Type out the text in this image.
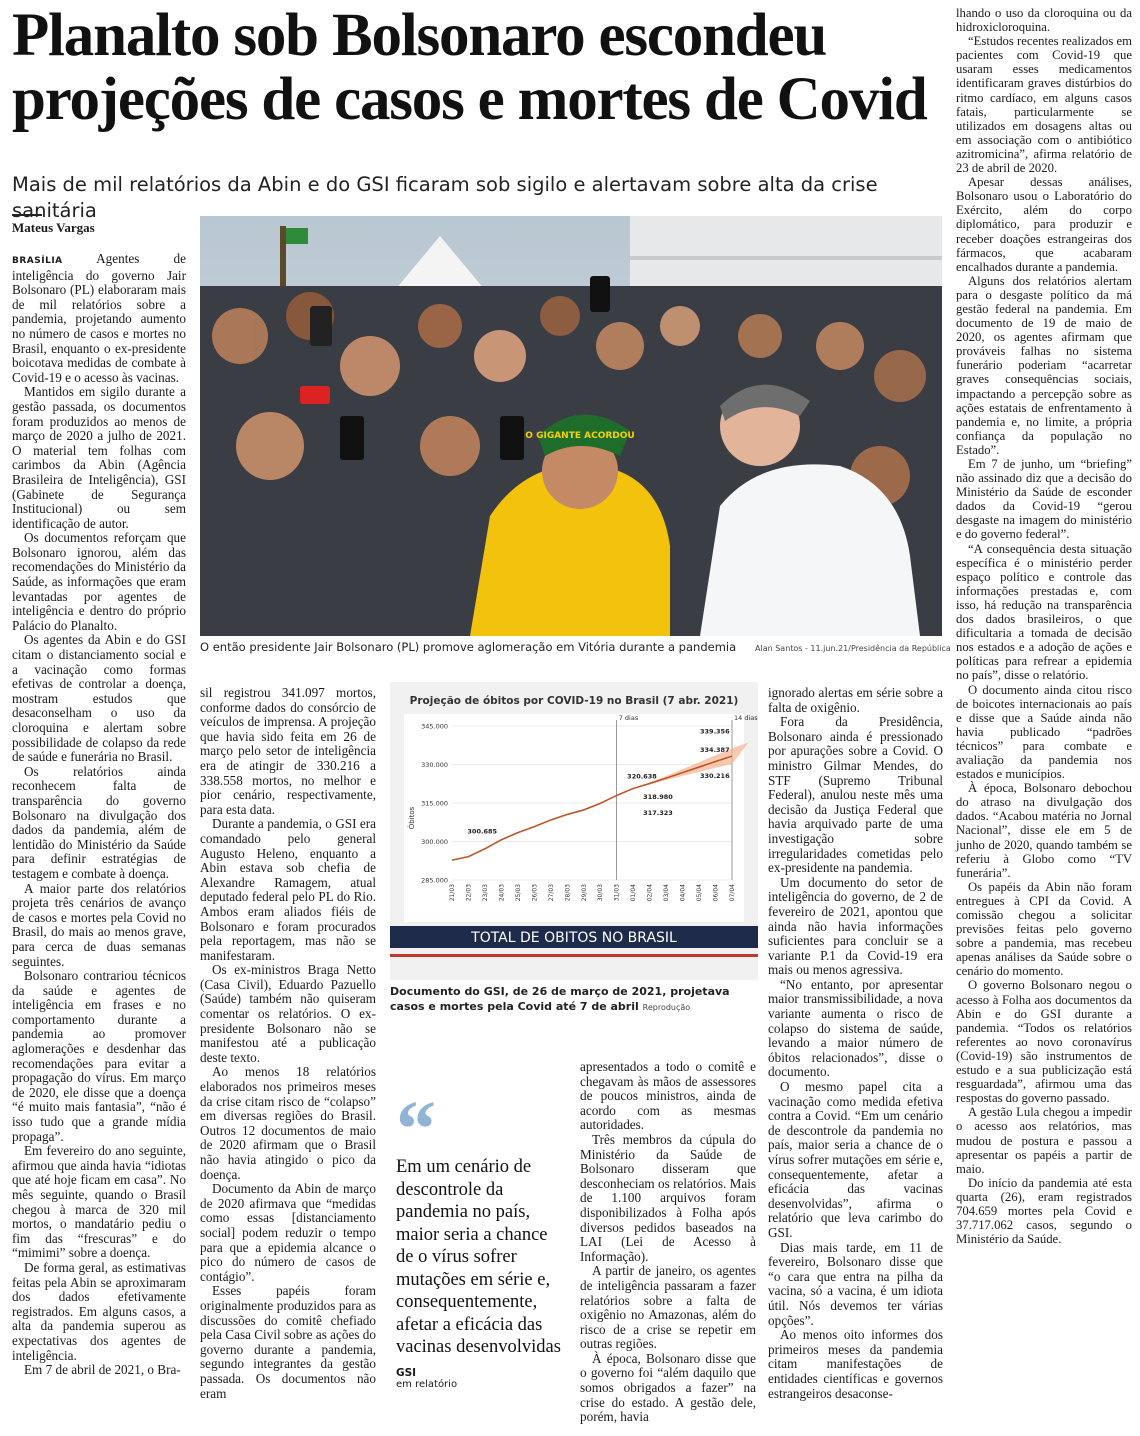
Planalto sob Bolsonaro escondeu projeções de casos e mortes de Covid
Mais de mil relatórios da Abin e do GSI ficaram sob sigilo e alertavam sobre alta da crise sanitária
Mateus Vargas

BRASÍLIA	Agentes de inteligência do governo Jair Bolsonaro (PL) elaboraram mais de mil relatórios sobre a pandemia, projetando aumento no número de casos e mortes no Brasil, enquanto o ex-presidente boicotava medidas de combate à Covid-19 e o acesso às vacinas.

Mantidos em sigilo durante a gestão passada, os documentos foram produzidos ao menos de março de 2020 a julho de 2021. O material tem folhas com carimbos da Abin (Agência Brasileira de Inteligência), GSI (Gabinete de Segurança Institucional) ou sem identificação de autor.

Os documentos reforçam que Bolsonaro ignorou, além das recomendações do Ministério da Saúde, as informações que eram levantadas por agentes de inteligência e dentro do próprio Palácio do Planalto.

Os agentes da Abin e do GSI citam o distanciamento social e a vacinação como formas efetivas de controlar a doença, mostram estudos que desaconselham o uso da cloroquina e alertam sobre possibilidade de colapso da rede de saúde e funerária no Brasil.

Os relatórios ainda reconhecem falta de transparência do governo Bolsonaro na divulgação dos dados da pandemia, além de lentidão do Ministério da Saúde para definir estratégias de testagem e combate à doença.

A maior parte dos relatórios projeta três cenários de avanço de casos e mortes pela Covid no Brasil, do mais ao menos grave, para cerca de duas semanas seguintes.

Bolsonaro contrariou técnicos da saúde e agentes de inteligência em frases e no comportamento durante a pandemia ao promover aglomerações e desdenhar das recomendações para evitar a propagação do vírus. Em março de 2020, ele disse que a doença “é muito mais fantasia”, “não é isso tudo que a grande mídia propaga”.

Em fevereiro do ano seguinte, afirmou que ainda havia “idiotas que até hoje ficam em casa”. No mês seguinte, quando o Brasil chegou à marca de 320 mil mortos, o mandatário pediu o fim das “frescuras” e do “mimimi” sobre a doença.

De forma geral, as estimativas feitas pela Abin se aproximaram dos dados efetivamente registrados. Em alguns casos, a alta da pandemia superou as expectativas dos agentes de inteligência.

Em 7 de abril de 2021, o Bra-

O GIGANTE ACORDOU
O então presidente Jair Bolsonaro (PL) promove aglomeração em Vitória durante a pandemia	Alan Santos - 11.jun.21/Presidência da República

sil registrou 341.097 mortos, conforme dados do consórcio de veículos de imprensa. A projeção que havia sido feita em 26 de março pelo setor de inteligência era de atingir de 330.216 a 338.558 mortos, no melhor e pior cenário, respectivamente, para esta data.

Durante a pandemia, o GSI era comandado pelo general Augusto Heleno, enquanto a Abin estava sob chefia de Alexandre Ramagem, atual deputado federal pelo PL do Rio. Ambos eram aliados fiéis de Bolsonaro e foram procurados pela reportagem, mas não se manifestaram.

Os ex-ministros Braga Netto (Casa Civil), Eduardo Pazuello (Saúde) também não quiseram comentar os relatórios. O ex-presidente Bolsonaro não se manifestou até a publicação deste texto.

Ao menos 18 relatórios elaborados nos primeiros meses da crise citam risco de “colapso” em diversas regiões do Brasil. Outros 12 documentos de maio de 2020 afirmam que o Brasil não havia atingido o pico da doença.

Documento da Abin de março de 2020 afirmava que “medidas como essas [distanciamento social] podem reduzir o tempo para que a epidemia alcance o pico do número de casos de contágio”.

Esses papéis foram originalmente produzidos para as discussões do comitê chefiado pela Casa Civil sobre as ações do governo durante a pandemia, segundo integrantes da gestão passada. Os documentos não eram

Projeção de óbitos por COVID-19 no Brasil (7 abr. 2021)
Óbitos
TOTAL DE OBITOS NO BRASIL
285.000
300.000
315.000
330.000
345.000
21/03 22/03 23/03 24/03 25/03 26/03 27/03 28/03 29/03 30/03 31/03 01/04 02/04 03/04 04/04 05/04 06/04 07/04
7 dias	14 dias
300.685
320.638
318.980
317.323
339.356
334.387
330.216
Documento do GSI, de 26 de março de 2021, projetava casos e mortes pela Covid até 7 de abril Reprodução
“
Em um cenário de descontrole da pandemia no país, maior seria a chance de o vírus sofrer mutações em série e, consequentemente, afetar a eficácia das vacinas desenvolvidas
GSI
em relatório

apresentados a todo o comitê e chegavam às mãos de assessores de poucos ministros, ainda de acordo com as mesmas autoridades.

Três membros da cúpula do Ministério da Saúde de Bolsonaro disseram que desconheciam os relatórios. Mais de 1.100 arquivos foram disponibilizados à Folha após diversos pedidos baseados na LAI (Lei de Acesso à Informação).

A partir de janeiro, os agentes de inteligência passaram a fazer relatórios sobre a falta de oxigênio no Amazonas, além do risco de a crise se repetir em outras regiões.

À época, Bolsonaro disse que o governo foi “além daquilo que somos obrigados a fazer” na crise do estado. A gestão dele, porém, havia

ignorado alertas em série sobre a falta de oxigênio.

Fora da Presidência, Bolsonaro ainda é pressionado por apurações sobre a Covid. O ministro Gilmar Mendes, do STF (Supremo Tribunal Federal), anulou neste mês uma decisão da Justiça Federal que havia arquivado parte de uma investigação sobre irregularidades cometidas pelo ex-presidente na pandemia.

Um documento do setor de inteligência do governo, de 2 de fevereiro de 2021, apontou que ainda não havia informações suficientes para concluir se a variante P.1 da Covid-19 era mais ou menos agressiva.

“No entanto, por apresentar maior transmissibilidade, a nova variante aumenta o risco de colapso do sistema de saúde, levando a maior número de óbitos relacionados”, disse o documento.

O mesmo papel cita a vacinação como medida efetiva contra a Covid. “Em um cenário de descontrole da pandemia no país, maior seria a chance de o vírus sofrer mutações em série e, consequentemente, afetar a eficácia das vacinas desenvolvidas”, afirma o relatório que leva carimbo do GSI.

Dias mais tarde, em 11 de fevereiro, Bolsonaro disse que “o cara que entra na pilha da vacina, só a vacina, é um idiota útil. Nós devemos ter várias opções”.

Ao menos oito informes dos primeiros meses da pandemia citam manifestações de entidades científicas e governos estrangeiros desaconse-

lhando o uso da cloroquina ou da hidroxicloroquina.

“Estudos recentes realizados em pacientes com Covid-19 que usaram esses medicamentos identificaram graves distúrbios do ritmo cardíaco, em alguns casos fatais, particularmente se utilizados em dosagens altas ou em associação com o antibiótico azitromicina”, afirma relatório de 23 de abril de 2020.

Apesar dessas análises, Bolsonaro usou o Laboratório do Exército, além do corpo diplomático, para produzir e receber doações estrangeiras dos fármacos, que acabaram encalhados durante a pandemia.

Alguns dos relatórios alertam para o desgaste político da má gestão federal na pandemia. Em documento de 19 de maio de 2020, os agentes afirmam que prováveis falhas no sistema funerário poderiam “acarretar graves consequências sociais, impactando a percepção sobre as ações estatais de enfrentamento à pandemia e, no limite, a própria confiança da população no Estado”.

Em 7 de junho, um “briefing” não assinado diz que a decisão do Ministério da Saúde de esconder dados da Covid-19 “gerou desgaste na imagem do ministério e do governo federal”.

“A consequência desta situação específica é o ministério perder espaço político e controle das informações prestadas e, com isso, há redução na transparência dos dados brasileiros, o que dificultaria a tomada de decisão nos estados e a adoção de ações e políticas para refrear a epidemia no país”, disse o relatório.

O documento ainda citou risco de boicotes internacionais ao país e disse que a Saúde ainda não havia publicado “padrões técnicos” para combate e avaliação da pandemia nos estados e municípios.

À época, Bolsonaro debochou do atraso na divulgação dos dados. “Acabou matéria no Jornal Nacional”, disse ele em 5 de junho de 2020, quando também se referiu à Globo como “TV funerária”.

Os papéis da Abin não foram entregues à CPI da Covid. A comissão chegou a solicitar previsões feitas pelo governo sobre a pandemia, mas recebeu apenas análises da Saúde sobre o cenário do momento.

O governo Bolsonaro negou o acesso à Folha aos documentos da Abin e do GSI durante a pandemia. “Todos os relatórios referentes ao novo coronavírus (Covid-19) são instrumentos de estudo e a sua publicização está resguardada”, afirmou uma das respostas do governo passado.

A gestão Lula chegou a impedir o acesso aos relatórios, mas mudou de postura e passou a apresentar os papéis a partir de maio.

Do início da pandemia até esta quarta (26), eram registrados 704.659 mortes pela Covid e 37.717.062 casos, segundo o Ministério da Saúde.
